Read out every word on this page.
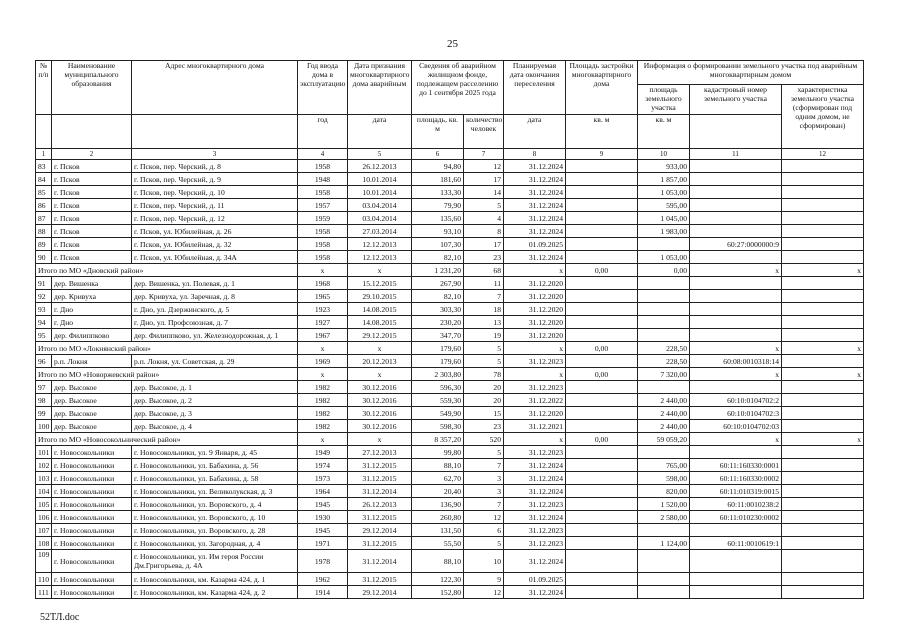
25
№ п/п	Наименование муниципального образования	Адрес многоквартирного дома	Год ввода дома в эксплуатацию	Дата признания многоквартирного дома аварийным	Сведения об аварийном жилищном фонде, подлежащем расселению до 1 сентября 2025 года		Планируемая дата окончания переселения	Площадь застройки многоквартирного дома	Информация о формировании земельного участка под аварийным многоквартирным домом		
									площадь земельного участка	кадастровый номер земельного участка	характеристика земельного участка (сформирован под одним домом, не сформирован)
			год	дата	площадь, кв. м	количество человек	дата	кв. м	кв. м		
1	2	3	4	5	6	7	8	9	10	11	12
83	г. Псков	г. Псков, пер. Черский, д. 8	1958	26.12.2013	94,80	12	31.12.2024		933,00		
84	г. Псков	г. Псков, пер. Черский, д. 9	1948	10.01.2014	181,60	17	31.12.2024		1 857,00		
85	г. Псков	г. Псков, пер. Черский, д. 10	1958	10.01.2014	133,30	14	31.12.2024		1 053,00		
86	г. Псков	г. Псков, пер. Черский, д. 11	1957	03.04.2014	79,90	5	31.12.2024		595,00		
87	г. Псков	г. Псков, пер. Черский, д. 12	1959	03.04.2014	135,60	4	31.12.2024		1 045,00		
88	г. Псков	г. Псков, ул. Юбилейная, д. 26	1958	27.03.2014	93,10	8	31.12.2024		1 983,00		
89	г. Псков	г. Псков, ул. Юбилейная, д. 32	1958	12.12.2013	107,30	17	01.09.2025			60:27:0000000:9	
90	г. Псков	г. Псков, ул. Юбилейная, д. 34А	1958	12.12.2013	82,10	23	31.12.2024		1 053,00		
Итого по МО «Дновский район»			x	x	1 231,20	68	x	0,00	0,00	x	x
91	дер. Вишенка	дер. Вишенка, ул. Полевая, д. 1	1968	15.12.2015	267,90	11	31.12.2020				
92	дер. Кривуха	дер. Кривуха, ул. Заречная, д. 8	1965	29.10.2015	82,10	7	31.12.2020				
93	г. Дно	г. Дно, ул. Дзержинского, д. 5	1923	14.08.2015	303,30	18	31.12.2020				
94	г. Дно	г. Дно, ул. Профсоюзная, д. 7	1927	14.08.2015	230,20	13	31.12.2020				
95	дер. Филиппково	дер. Филиппково, ул. Железнодорожная, д. 1	1967	29.12.2015	347,70	19	31.12.2020				
Итого по МО «Локнянский район»			x	x	179,60	5	x	0,00	228,50	x	x
96	р.п. Локня	р.п. Локня, ул. Советская, д. 29	1969	20.12.2013	179,60	5	31.12.2023		228,50	60:08:0010318:14	
Итого по МО «Новоржевский район»			x	x	2 303,80	78	x	0,00	7 320,00	x	x
97	дер. Высокое	дер. Высокое, д. 1	1982	30.12.2016	596,30	20	31.12.2023				
98	дер. Высокое	дер. Высокое, д. 2	1982	30.12.2016	559,30	20	31.12.2022		2 440,00	60:10:0104702:2	
99	дер. Высокое	дер. Высокое, д. 3	1982	30.12.2016	549,90	15	31.12.2020		2 440,00	60:10:0104702:3	
100	дер. Высокое	дер. Высокое, д. 4	1982	30.12.2016	598,30	23	31.12.2021		2 440,00	60:10:0104702:03	
Итого по МО «Новосокольнический район»			x	x	8 357,20	520	x	0,00	59 059,20	x	x
101	г. Новосокольники	г. Новосокольники, ул. 9 Января, д. 45	1949	27.12.2013	99,80	5	31.12.2023				
102	г. Новосокольники	г. Новосокольники, ул. Бабахина, д. 56	1974	31.12.2015	88,10	7	31.12.2024		765,00	60:11:160330:0001	
103	г. Новосокольники	г. Новосокольники, ул. Бабахина, д. 58	1973	31.12.2015	62,70	3	31.12.2024		598,00	60:11:160330:0002	
104	г. Новосокольники	г. Новосокольники, ул. Великолукская, д. 3	1964	31.12.2014	20,40	3	31.12.2024		820,00	60:11:010319:0015	
105	г. Новосокольники	г. Новосокольники, ул. Воровского, д. 4	1945	26.12.2013	136,90	7	31.12.2023		1 520,00	60:11:0010238:2	
106	г. Новосокольники	г. Новосокольники, ул. Воровского, д. 10	1930	31.12.2015	260,80	12	31.12.2024		2 580,00	60:11:010230:0002	
107	г. Новосокольники	г. Новосокольники, ул. Воровского, д. 28	1945	29.12.2014	131,50	6	31.12.2023				
108	г. Новосокольники	г. Новосокольники, ул. Загородная, д. 4	1971	31.12.2015	55,50	5	31.12.2023		1 124,00	60:11:0010619:1	
109	г. Новосокольники	г. Новосокольники, ул. Им героя России Дм.Григорьева, д. 4А	1978	31.12.2014	88,10	10	31.12.2024				
110	г. Новосокольники	г. Новосокольники, км. Казарма 424, д. 1	1962	31.12.2015	122,30	9	01.09.2025				
111	г. Новосокольники	г. Новосокольники, км. Казарма 424, д. 2	1914	29.12.2014	152,80	12	31.12.2024				
52ТЛ.doc
